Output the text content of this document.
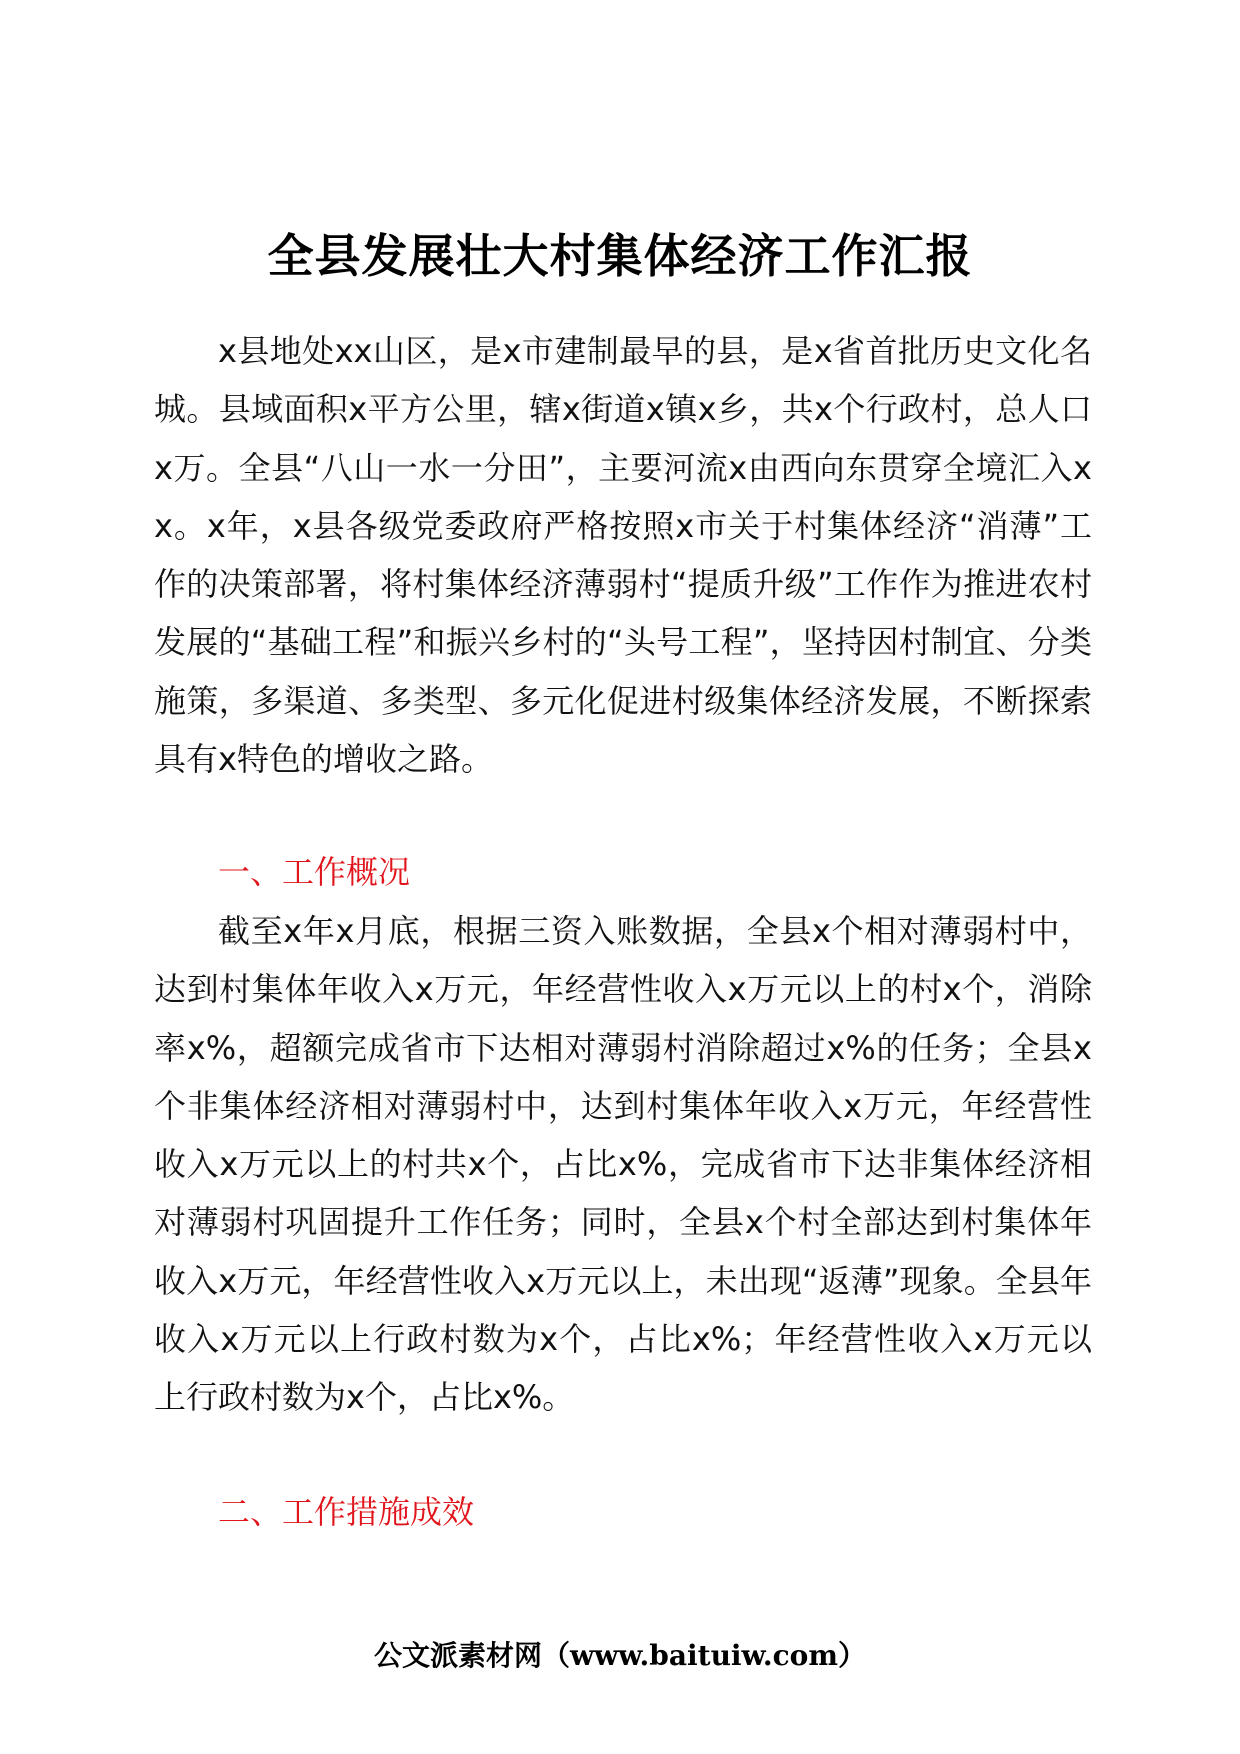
全县发展壮大村集体经济工作汇报

x县地处xx山区，是x市建制最早的县，是x省首批历史文化名城。县域面积x平方公里，辖x街道x镇x乡，共x个行政村，总人口x万。全县“八山一水一分田”，主要河流x由西向东贯穿全境汇入xx。x年，x县各级党委政府严格按照x市关于村集体经济“消薄”工作的决策部署，将村集体经济薄弱村“提质升级”工作作为推进农村发展的“基础工程”和振兴乡村的“头号工程”，坚持因村制宜、分类施策，多渠道、多类型、多元化促进村级集体经济发展，不断探索具有x特色的增收之路。

一、工作概况

截至x年x月底，根据三资入账数据，全县x个相对薄弱村中，达到村集体年收入x万元，年经营性收入x万元以上的村x个，消除率x%，超额完成省市下达相对薄弱村消除超过x%的任务；全县x个非集体经济相对薄弱村中，达到村集体年收入x万元，年经营性收入x万元以上的村共x个，占比x%，完成省市下达非集体经济相对薄弱村巩固提升工作任务；同时，全县x个村全部达到村集体年收入x万元，年经营性收入x万元以上，未出现“返薄”现象。全县年收入x万元以上行政村数为x个，占比x%；年经营性收入x万元以上行政村数为x个，占比x%。

二、工作措施成效

公文派素材网（www.baituiw.com）
